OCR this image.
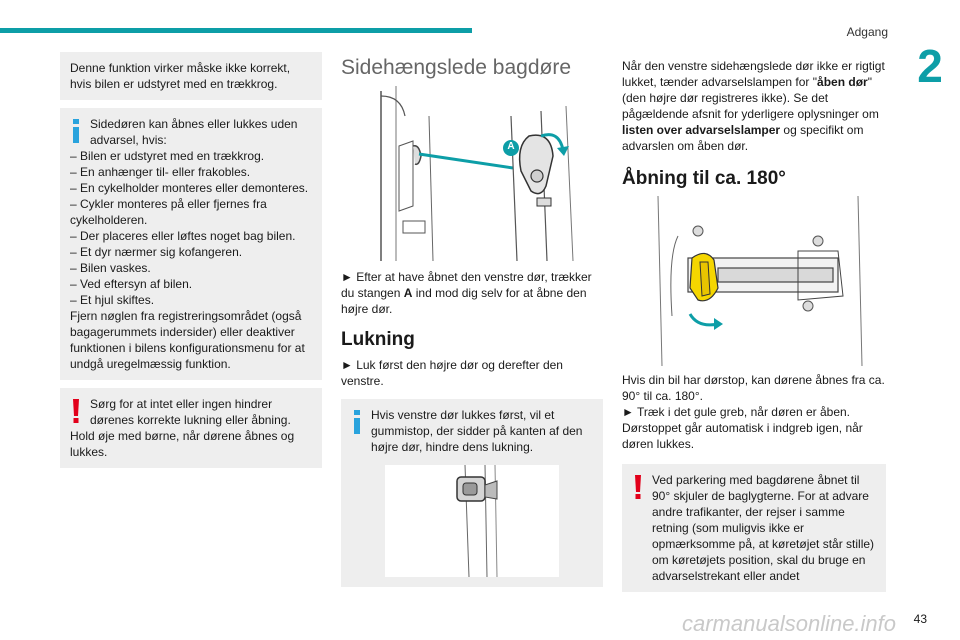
Adgang
2

Denne funktion virker måske ikke korrekt, hvis bilen er udstyret med en trækkrog.

Sidedøren kan åbnes eller lukkes uden advarsel, hvis:

– Bilen er udstyret med en trækkrog.

– En anhænger til- eller frakobles.

– En cykelholder monteres eller demonteres.

– Cykler monteres på eller fjernes fra cykelholderen.

– Der placeres eller løftes noget bag bilen.

– Et dyr nærmer sig kofangeren.

– Bilen vaskes.

– Ved eftersyn af bilen.

– Et hjul skiftes.

Fjern nøglen fra registreringsområdet (også bagagerummets indersider) eller deaktiver funktionen i bilens konfigurationsmenu for at undgå uregelmæssig funktion.

Sørg for at intet eller ingen hindrer dørenes korrekte lukning eller åbning.

Hold øje med børne, når dørene åbnes og lukkes.

Sidehængslede bagdøre
A

► Efter at have åbnet den venstre dør, trækker du stangen A ind mod dig selv for at åbne den højre dør.

Lukning

► Luk først den højre dør og derefter den venstre.

Hvis venstre dør lukkes først, vil et gummistop, der sidder på kanten af den højre dør, hindre dens lukning.

Når den venstre sidehængslede dør ikke er rigtigt lukket, tænder advarselslampen for "åben dør" (den højre dør registreres ikke). Se det pågældende afsnit for yderligere oplysninger om listen over advarselslamper og specifikt om advarslen om åben dør.

Åbning til ca. 180°

Hvis din bil har dørstop, kan dørene åbnes fra ca. 90° til ca. 180°.

► Træk i det gule greb, når døren er åben. Dørstoppet går automatisk i indgreb igen, når døren lukkes.

Ved parkering med bagdørene åbnet til 90° skjuler de baglygterne. For at advare andre trafikanter, der rejser i samme retning (som muligvis ikke er opmærksomme på, at køretøjet står stille) om køretøjets position, skal du bruge en advarselstrekant eller andet

carmanualsonline.info 43
